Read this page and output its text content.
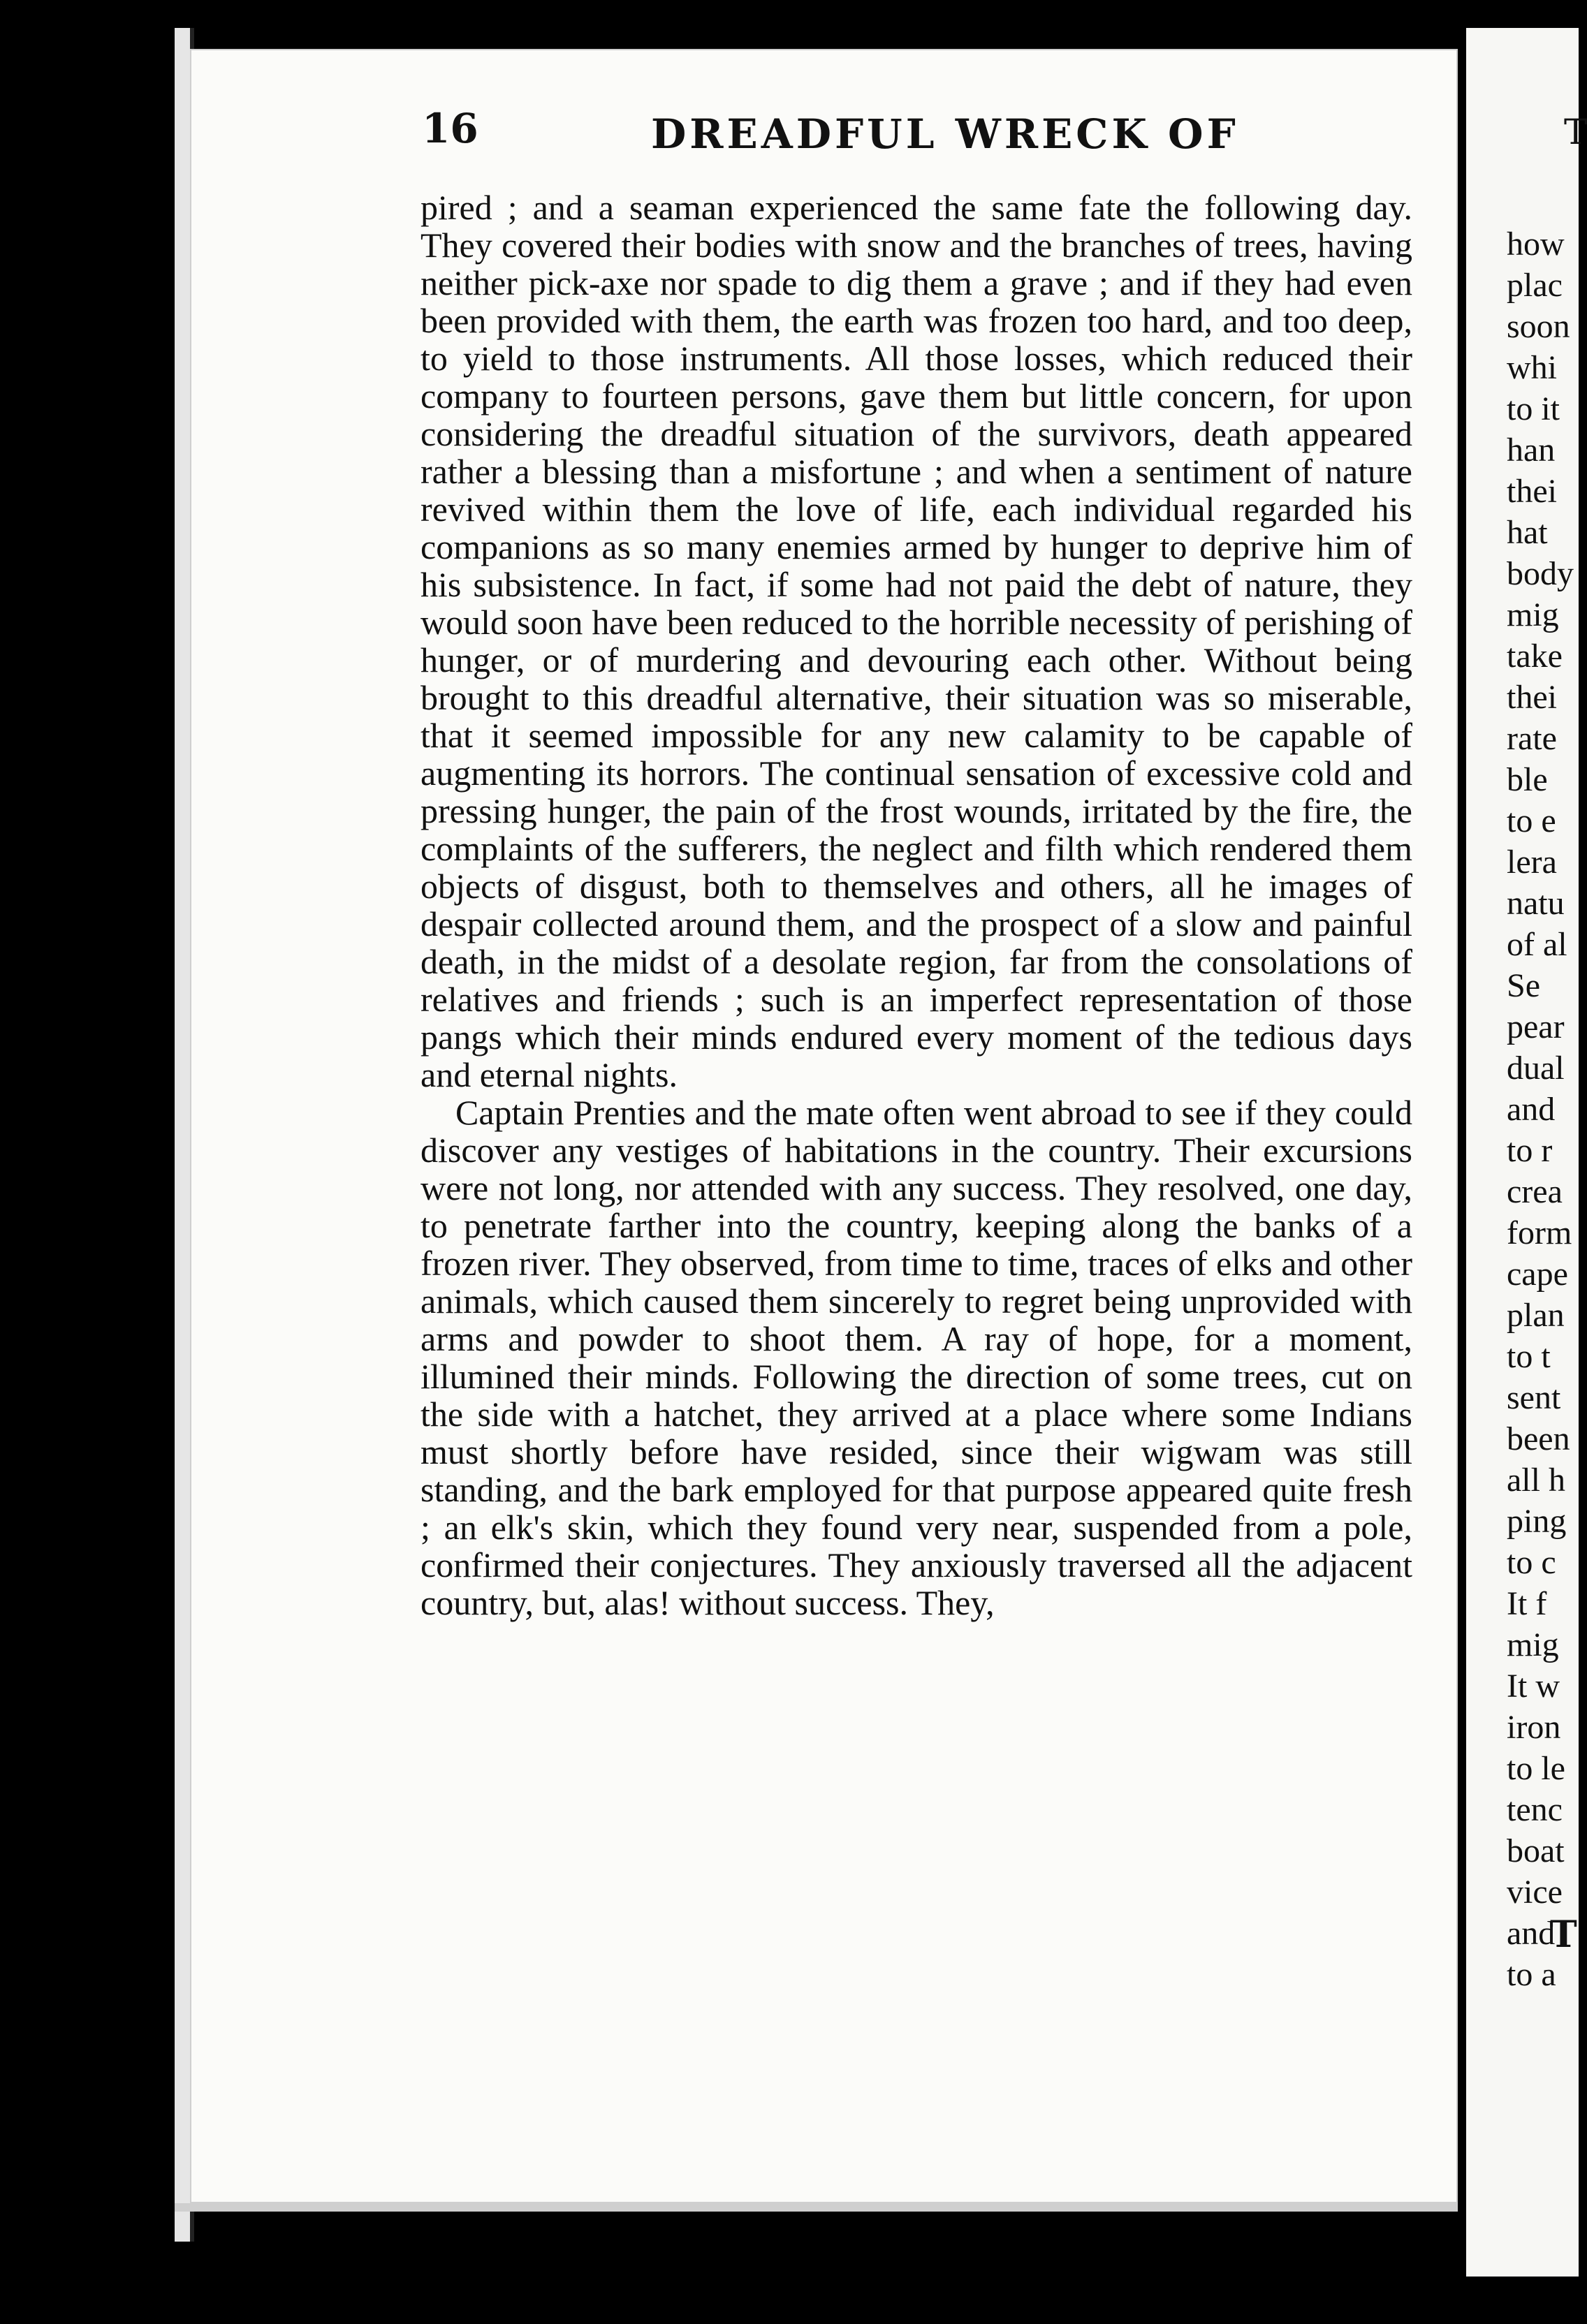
16	DREADFUL WRECK OF

pired ; and a seaman experienced the same fate the following day. They covered their bodies with snow and the branches of trees, having neither pick-axe nor spade to dig them a grave ; and if they had even been provided with them, the earth was frozen too hard, and too deep, to yield to those instruments. All those losses, which reduced their company to fourteen persons, gave them but little concern, for upon considering the dreadful situation of the survivors, death appeared rather a blessing than a misfortune ; and when a sentiment of nature revived within them the love of life, each individual regarded his companions as so many enemies armed by hunger to deprive him of his subsistence. In fact, if some had not paid the debt of nature, they would soon have been reduced to the horrible necessity of perishing of hunger, or of murdering and devouring each other. Without being brought to this dreadful alternative, their situation was so miserable, that it seemed impossible for any new calamity to be capable of augmenting its horrors. The continual sensation of excessive cold and pressing hunger, the pain of the frost wounds, irritated by the fire, the complaints of the sufferers, the neglect and filth which rendered them objects of disgust, both to themselves and others, all he images of despair collected around them, and the prospect of a slow and painful death, in the midst of a desolate region, far from the consolations of relatives and friends ; such is an imperfect representation of those pangs which their minds endured every moment of the tedious days and eternal nights.

Captain Prenties and the mate often went abroad to see if they could discover any vestiges of habitations in the country. Their excursions were not long, nor attended with any success. They resolved, one day, to penetrate farther into the country, keeping along the banks of a frozen river. They observed, from time to time, traces of elks and other animals, which caused them sincerely to regret being unprovided with arms and powder to shoot them. A ray of hope, for a moment, illumined their minds. Following the direction of some trees, cut on the side with a hatchet, they arrived at a place where some Indians must shortly before have resided, since their wigwam was still standing, and the bark employed for that purpose appeared quite fresh ; an elk's skin, which they found very near, suspended from a pole, confirmed their conjectures. They anxiously traversed all the adjacent country, but, alas! without success. They,

T
how
plac
soon
whi
to it
han
thei
hat
body
mig
take
thei
rate
ble
to e
lera
natu
of al
Se
pear
dual
and
to r
crea
form
cape
plan
to t
sent
been
all h
ping
to c
It f
mig
It w
iron
to le
tenc
boat
vice
and
to a
T
